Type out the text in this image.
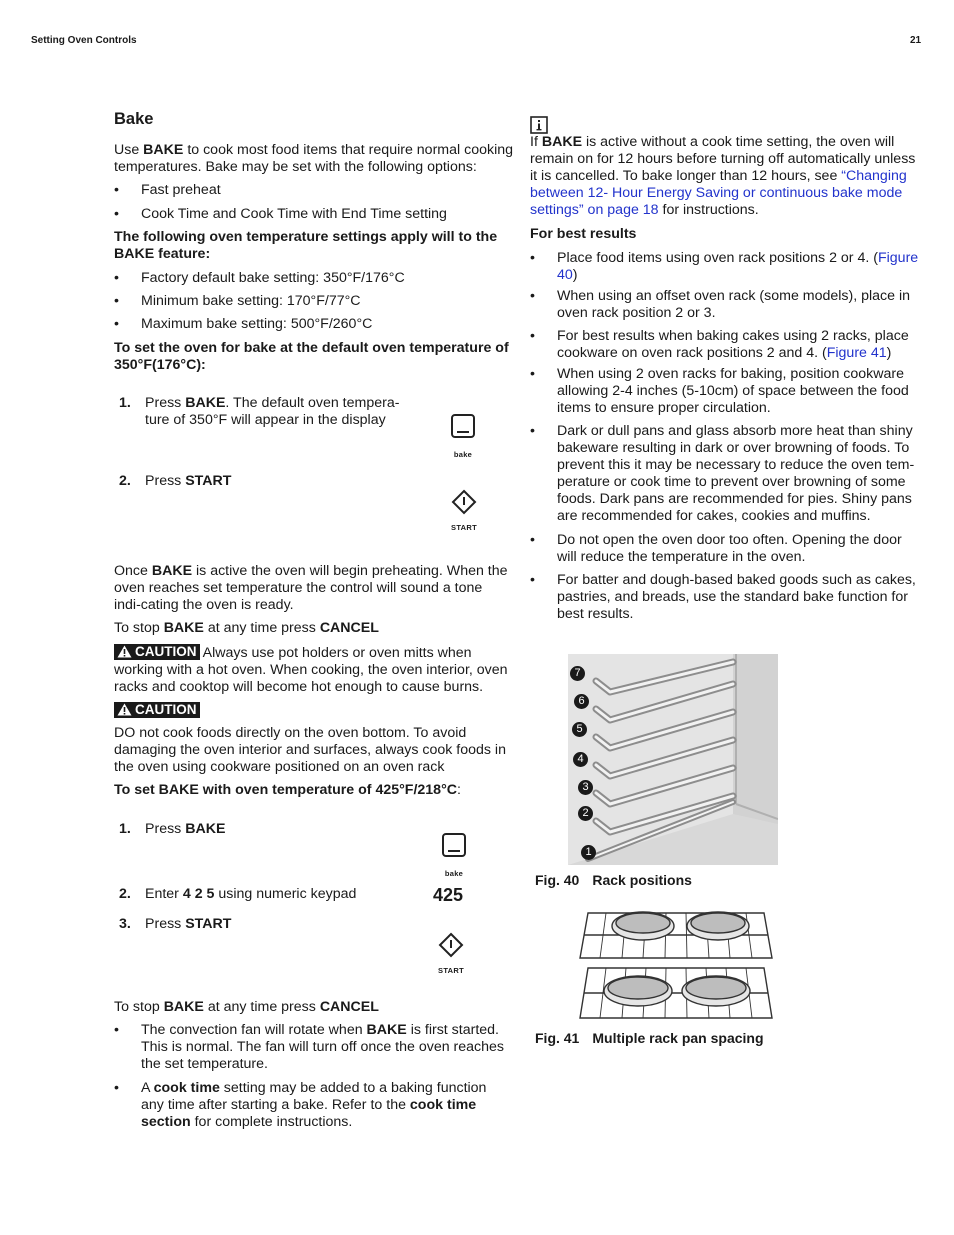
Setting Oven Controls	21
Bake

Use BAKE to cook most food items that require normal cooking temperatures. Bake may be set with the following options:

• Fast preheat
• Cook Time and Cook Time with End Time setting

The following oven temperature settings apply will to the BAKE feature:

• Factory default bake setting: 350°F/176°C
• Minimum bake setting: 170°F/77°C
• Maximum bake setting: 500°F/260°C

To set the oven for bake at the default oven temperature of 350°F(176°C):

1. Press BAKE. The default oven tempera-
ture of 350°F will appear in the display
bake
2. Press START
START

Once BAKE is active the oven will begin preheating. When the oven reaches set temperature the control will sound a tone indi-cating the oven is ready.

To stop BAKE at any time press CANCEL

CAUTION Always use pot holders or oven mitts when working with a hot oven. When cooking, the oven interior, oven racks and cooktop will become hot enough to cause burns.

CAUTION

DO not cook foods directly on the oven bottom. To avoid damaging the oven interior and surfaces, always cook foods in the oven using cookware positioned on an oven rack

To set BAKE with oven temperature of 425°F/218°C:

1. Press BAKE
bake
2. Enter 4 2 5 using numeric keypad	425
3. Press START
START

To stop BAKE at any time press CANCEL

• The convection fan will rotate when BAKE is first started. This is normal. The fan will turn off once the oven reaches the set temperature.

• A cook time setting may be added to a baking function any time after starting a bake. Refer to the cook time section for complete instructions.

If BAKE is active without a cook time setting, the oven will remain on for 12 hours before turning off automatically unless it is cancelled. To bake longer than 12 hours, see “Changing between 12- Hour Energy Saving or continuous bake mode settings” on page 18 for instructions.

For best results
• Place food items using oven rack positions 2 or 4. (Figure 40)

• When using an offset oven rack (some models), place in oven rack position 2 or 3.

• For best results when baking cakes using 2 racks, place cookware on oven rack positions 2 and 4. (Figure 41)

• When using 2 oven racks for baking, position cookware allowing 2-4 inches (5-10cm) of space between the food items to ensure proper circulation.

• Dark or dull pans and glass absorb more heat than shiny bakeware resulting in dark or over browning of foods. To prevent this it may be necessary to reduce the oven tem-perature or cook time to prevent over browning of some foods. Dark pans are recommended for pies. Shiny pans are recommended for cakes, cookies and muffins.

• Do not open the oven door too often. Opening the door will reduce the temperature in the oven.

• For batter and dough-based baked goods such as cakes, pastries, and breads, use the standard bake function for best results.

7
6
5
4
3
2
1
Fig. 40 Rack positions
Fig. 41 Multiple rack pan spacing
